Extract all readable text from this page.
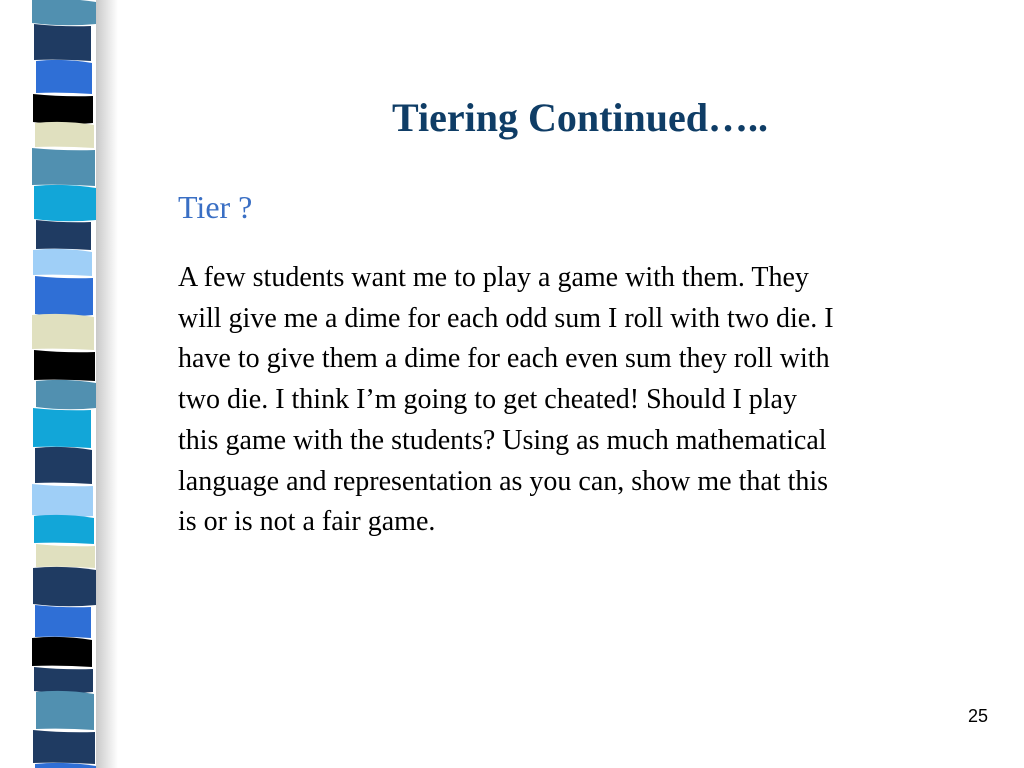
Tiering Continued…..
Tier ?
A few students want me to play a game with them. They
will give me a dime for each odd sum I roll with two die. I
have to give them a dime for each even sum they roll with
two die. I think I’m going to get cheated! Should I play
this game with the students? Using as much mathematical
language and representation as you can, show me that this
is or is not a fair game.
25
